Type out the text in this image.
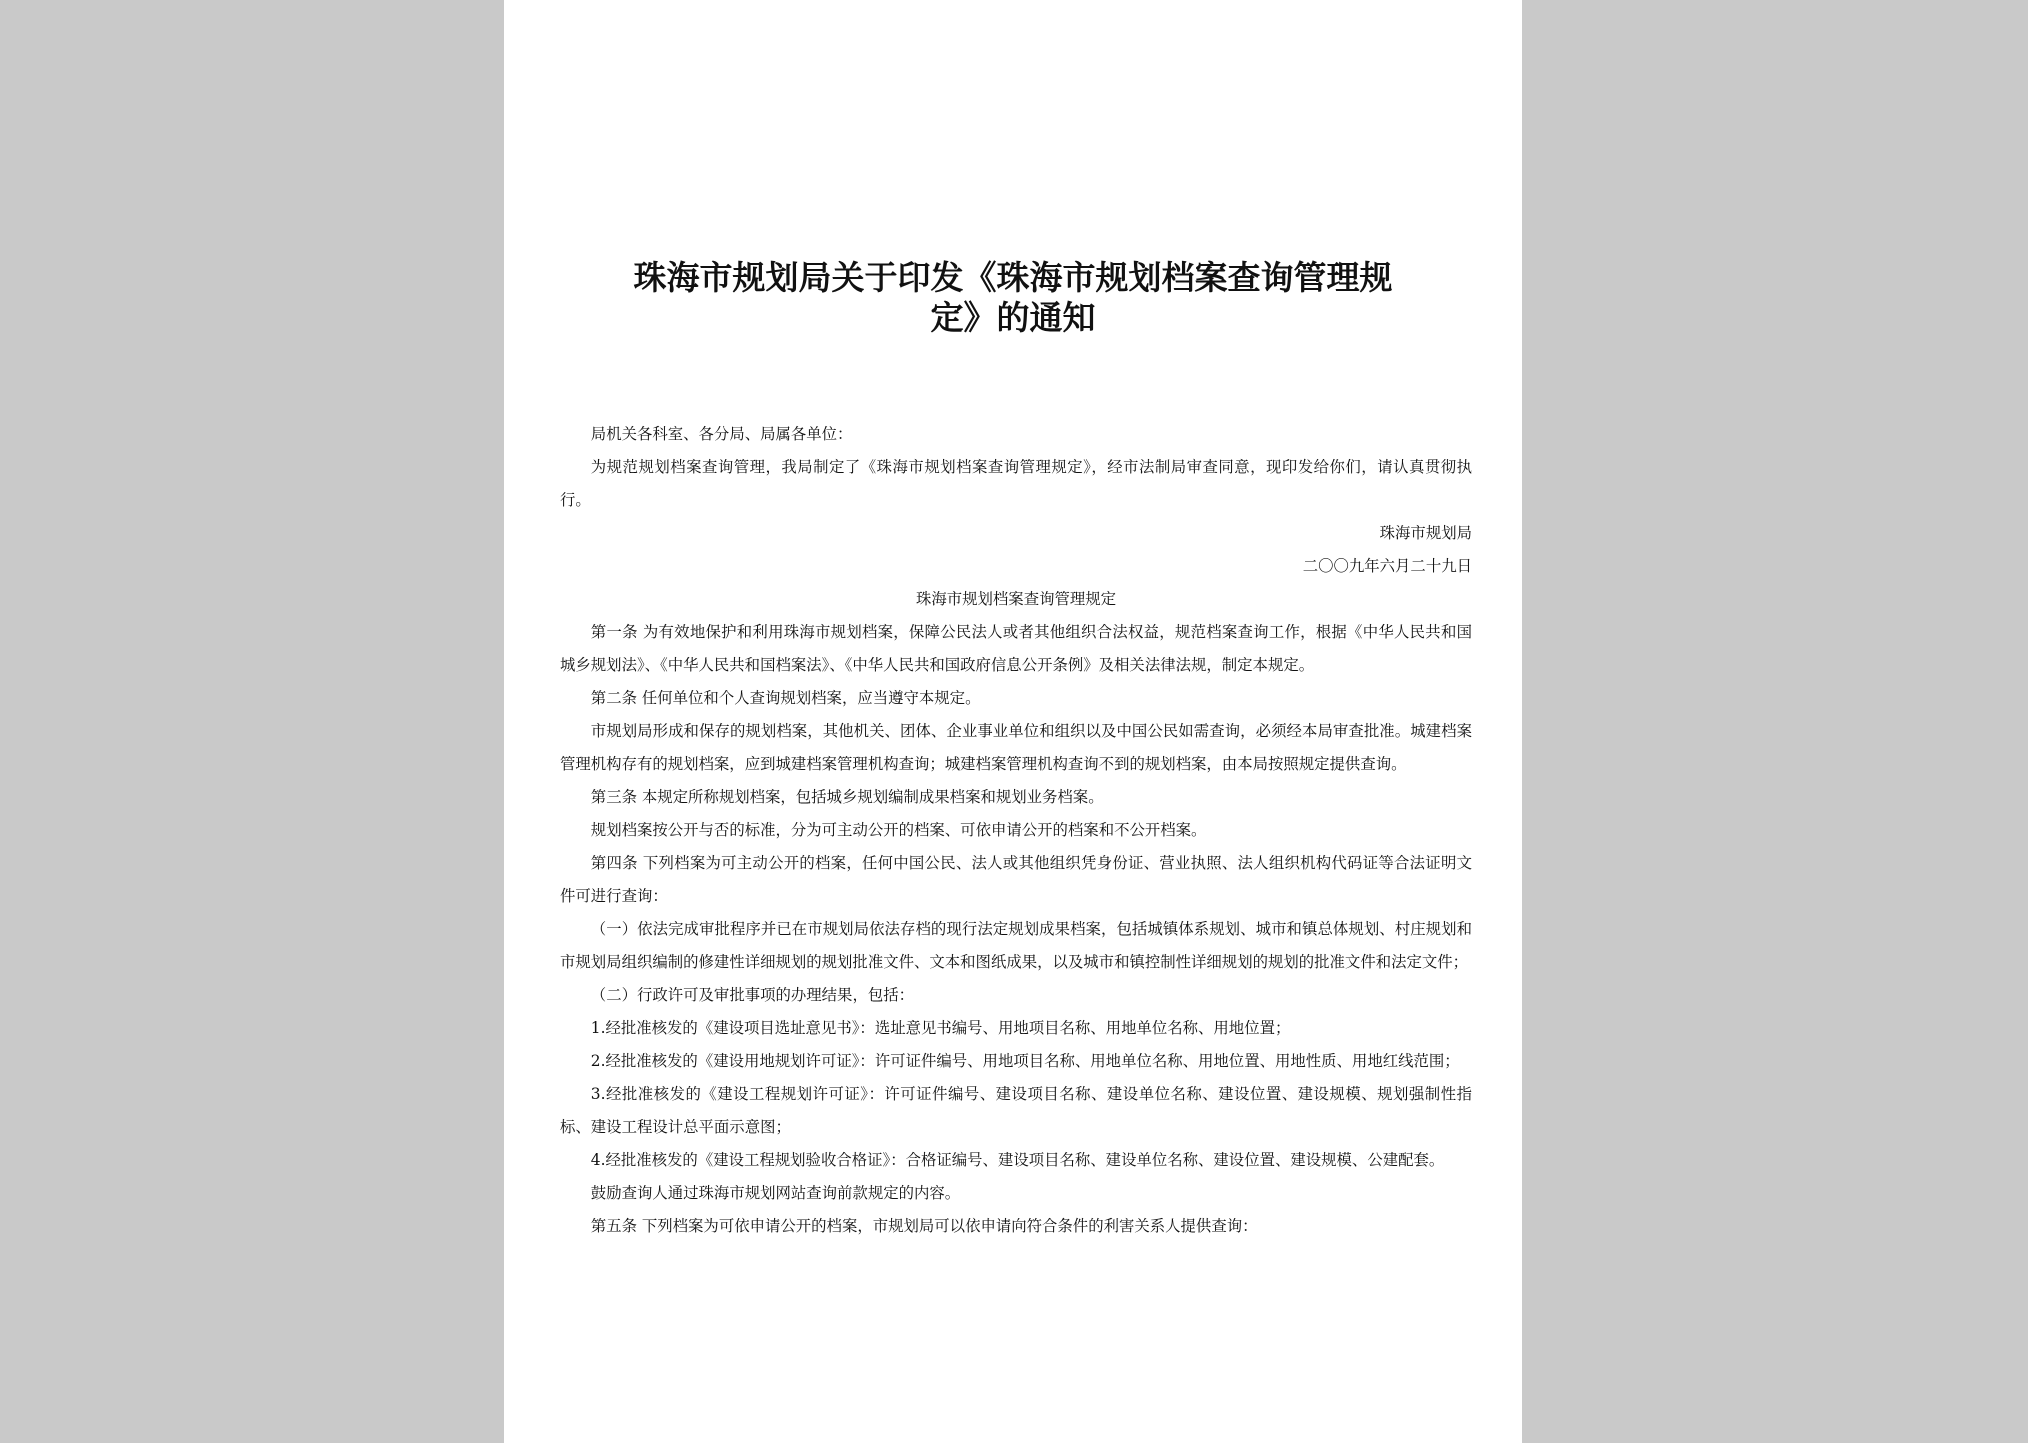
珠海市规划局关于印发《珠海市规划档案查询管理规
定》的通知

局机关各科室、各分局、局属各单位：

为规范规划档案查询管理，我局制定了《珠海市规划档案查询管理规定》，经市法制局审查同意，现印发给你们，请认真贯彻执行。

珠海市规划局

二〇〇九年六月二十九日

珠海市规划档案查询管理规定

第一条 为有效地保护和利用珠海市规划档案，保障公民法人或者其他组织合法权益，规范档案查询工作，根据《中华人民共和国城乡规划法》、《中华人民共和国档案法》、《中华人民共和国政府信息公开条例》及相关法律法规，制定本规定。

第二条 任何单位和个人查询规划档案，应当遵守本规定。

市规划局形成和保存的规划档案，其他机关、团体、企业事业单位和组织以及中国公民如需查询，必须经本局审查批准。城建档案管理机构存有的规划档案，应到城建档案管理机构查询；城建档案管理机构查询不到的规划档案，由本局按照规定提供查询。

第三条 本规定所称规划档案，包括城乡规划编制成果档案和规划业务档案。

规划档案按公开与否的标准，分为可主动公开的档案、可依申请公开的档案和不公开档案。

第四条 下列档案为可主动公开的档案，任何中国公民、法人或其他组织凭身份证、营业执照、法人组织机构代码证等合法证明文件可进行查询：

（一）依法完成审批程序并已在市规划局依法存档的现行法定规划成果档案，包括城镇体系规划、城市和镇总体规划、村庄规划和市规划局组织编制的修建性详细规划的规划批准文件、文本和图纸成果，以及城市和镇控制性详细规划的规划的批准文件和法定文件；

（二）行政许可及审批事项的办理结果，包括：

1.经批准核发的《建设项目选址意见书》：选址意见书编号、用地项目名称、用地单位名称、用地位置；

2.经批准核发的《建设用地规划许可证》：许可证件编号、用地项目名称、用地单位名称、用地位置、用地性质、用地红线范围；

3.经批准核发的《建设工程规划许可证》：许可证件编号、建设项目名称、建设单位名称、建设位置、建设规模、规划强制性指标、建设工程设计总平面示意图；

4.经批准核发的《建设工程规划验收合格证》：合格证编号、建设项目名称、建设单位名称、建设位置、建设规模、公建配套。

鼓励查询人通过珠海市规划网站查询前款规定的内容。

第五条 下列档案为可依申请公开的档案，市规划局可以依申请向符合条件的利害关系人提供查询：
